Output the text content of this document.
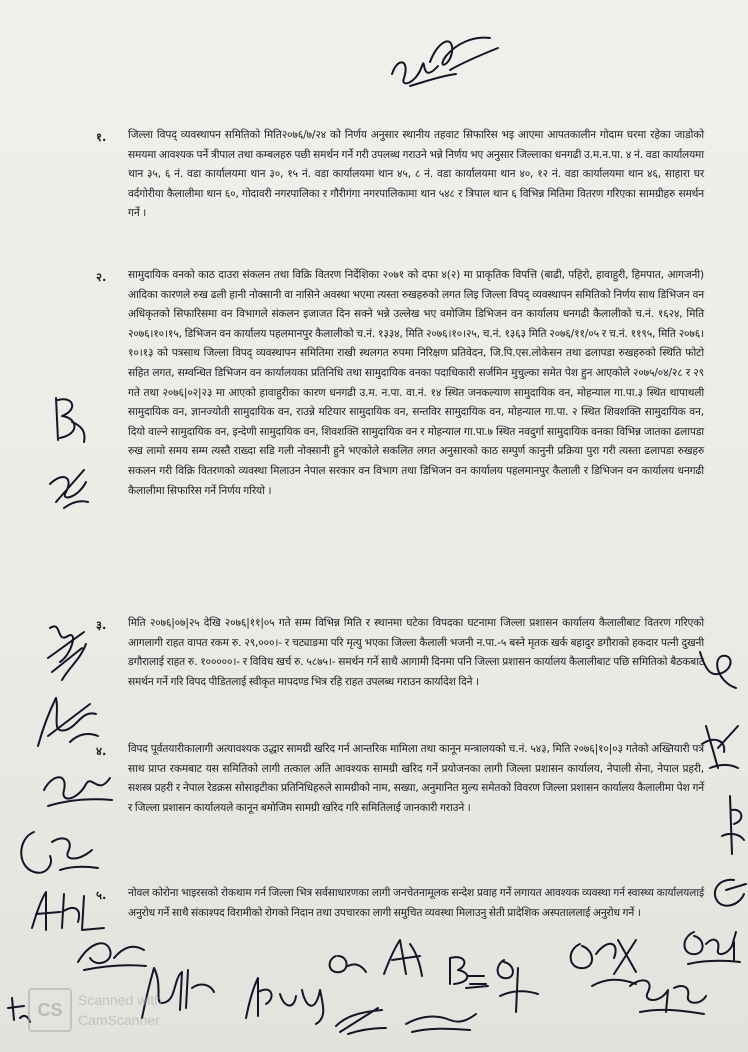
१. जिल्ला विपद् व्यवस्थापन समितिको मिति२०७६/७/२४ को निर्णय अनुसार स्थानीय तहवाट सिफारिस भइ आएमा आपतकालीन गोदाम घरमा रहेका जाडोको समयमा आवश्यक पर्ने त्रीपाल तथा कम्बलहरु पछी समर्थन गर्ने गरी उपलब्ध गराउने भन्ने निर्णय भए अनुसार जिल्लाका धनगढी उ.म.न.पा. ४ नं. वडा कार्यालयमा थान ३५, ६ नं. वडा कार्यालयमा थान ३०, १५ नं. वडा कार्यालयमा थान ४५, ८ नं. वडा कार्यालयमा थान ४०, १२ नं. वडा कार्यालयमा थान ४६, साहारा घर वर्दगोरीया कैलालीमा थान ६०, गोदावरी नगरपालिका र गौरीगंगा नगरपालिकामा थान ५४८ र त्रिपाल थान ६ विभिन्न मितिमा वितरण गरिएका सामग्रीहरु समर्थन गर्ने ।
२. सामुदायिक वनको काठ दाउरा संकलन तथा विक्रि वितरण निर्देशिका २०७१ को दफा ४(२) मा प्राकृतिक विपत्ति (बाढी, पहिरो, हावाहुरी, हिमपात, आगजनी) आदिका कारणले रुख ढली हानी नोक्सानी वा नासिने अवस्था भएमा त्यस्ता रुखहरुको लगत लिइ जिल्ला विपद् व्यवस्थापन समितिको निर्णय साथ डिभिजन वन अधिकृतको सिफारिसमा वन विभागले संकलन इजाजत दिन सक्ने भन्ने उल्लेख भए वमोजिम डिभिजन वन कार्यालय धनगढी कैलालीको च.नं. १६२४, मिति २०७६।१०।१५, डिभिजन वन कार्यालय पहलमानपुर कैलालीको च.नं. १३३४, मिति २०७६।१०।२५, च.नं. १३६३ मिति २०७६/११/०५ र च.नं. ११९५, मिति २०७६।१०।१३ को पत्रसाथ जिल्ला विपद् व्यवस्थापन समितिमा राखी स्थलगत रुपमा निरिक्षण प्रतिवेदन, जि.पि.एस.लोकेसन तथा ढलापडा रुखहरुको स्थिति फोटो सहित लगत, सम्वन्धित डिभिजन वन कार्यालयका प्रतिनिधि तथा सामुदायिक वनका पदाधिकारी सर्जमिन मुचुल्का समेत पेश हुन आएकोले २०७५/०४/२८ र २९ गते तथा २०७६|०२|२३ मा आएको हावाहुरीका कारण धनगढी उ.म. न.पा. वा.नं. १४ स्थित जनकल्याण सामुदायिक वन, मोहन्याल गा.पा.३ स्थित थापाथली सामुदायिक वन, ज्ञानज्योती सामुदायिक वन, राउन्ने मटियार सामुदायिक वन, सन्तविर सामुदायिक वन, मोहन्याल गा.पा. २ स्थित शिवशक्ति सामुदायिक वन, दियो वाल्ने सामुदायिक वन, इन्देणी सामुदायिक वन, शिवशक्ति सामुदायिक वन र मोहन्याल गा.पा.७ स्थित नवदुर्गा सामुदायिक वनका विभिन्न जातका ढलापडा रुख लामो समय सम्म त्यस्तै राख्दा सडि गली नोक्सानी हुने भएकोले सकलित लगत अनुसारको काठ सम्पुर्ण कानुनी प्रक्रिया पुरा गरी त्यस्ता ढलापडा रुखहरु सकलन गरी विक्रि वितरणको व्यवस्था मिलाउन नेपाल सरकार वन विभाग तथा डिभिजन वन कार्यालय पहलमानपुर कैलाली र डिभिजन वन कार्यालय धनगढी कैलालीमा सिफारिस गर्ने निर्णय गरियो ।
३. मिति २०७६|०७|२५ देखि २०७६|११|०५ गते सम्म विभिन्न मिति र स्थानमा घटेका विपदका घटनामा जिल्ला प्रशासन कार्यालय कैलालीबाट वितरण गरिएको आगलागी राहत वापत रकम रु. २९,०००।- र चट्याङमा परि मृत्यु भएका जिल्ला कैलाली भजनी न.पा.-५ बस्ने मृतक खर्क बहादुर डगौराको हकदार पत्नी दुखनी डगौरालाई राहत रु. १०००००।- र विविध खर्च रु. ५८७५।- समर्थन गर्ने साथै आगामी दिनमा पनि जिल्ला प्रशासन कार्यालय कैलालीबाट पछि समितिको बैठकबाट समर्थन गर्ने गरि विपद पीडितलाई स्वीकृत मापदण्ड भित्र रहि राहत उपलब्ध गराउन कार्यादेश दिने ।
४. विपद पूर्वतयारीकालागी अत्यावश्यक उद्धार सामग्री खरिद गर्न आन्तरिक मामिला तथा कानून मन्त्रालयको च.नं. ५४३, मिति २०७६|१०|०३ गतेको अख्तियारी पत्र साथ प्राप्त रकमबाट यस समितिको लागी तत्काल अति आवश्यक सामग्री खरिद गर्ने प्रयोजनका लागी जिल्ला प्रशासन कार्यालय, नेपाली सेना, नेपाल प्रहरी, सशस्त्र प्रहरी र नेपाल रेडक्रस सोसाइटीका प्रतिनिधिहरुले सामग्रीको नाम, सख्या, अनुमानित मुल्य समेतको विवरण जिल्ला प्रशासन कार्यालय कैलालीमा पेश गर्ने र जिल्ला प्रशासन कार्यालयले कानून बमोजिम सामग्री खरिद गरि समितिलाई जानकारी गराउने ।
५. नोवल कोरोना भाइरसको रोकथाम गर्न जिल्ला भित्र सर्वसाधारणका लागी जनचेतनामूलक सन्देश प्रवाह गर्ने लगायत आवश्यक व्यवस्था गर्न स्वास्थ्य कार्यालयलाई अनुरोध गर्ने साथै संकाश्पद विरामीको रोगको निदान तथा उपचारका लागी समुचित व्यवस्था मिलाउनु सेती प्रादेशिक अस्पताललाई अनुरोध गर्ने ।
CS	Scanned with
CamScanner
